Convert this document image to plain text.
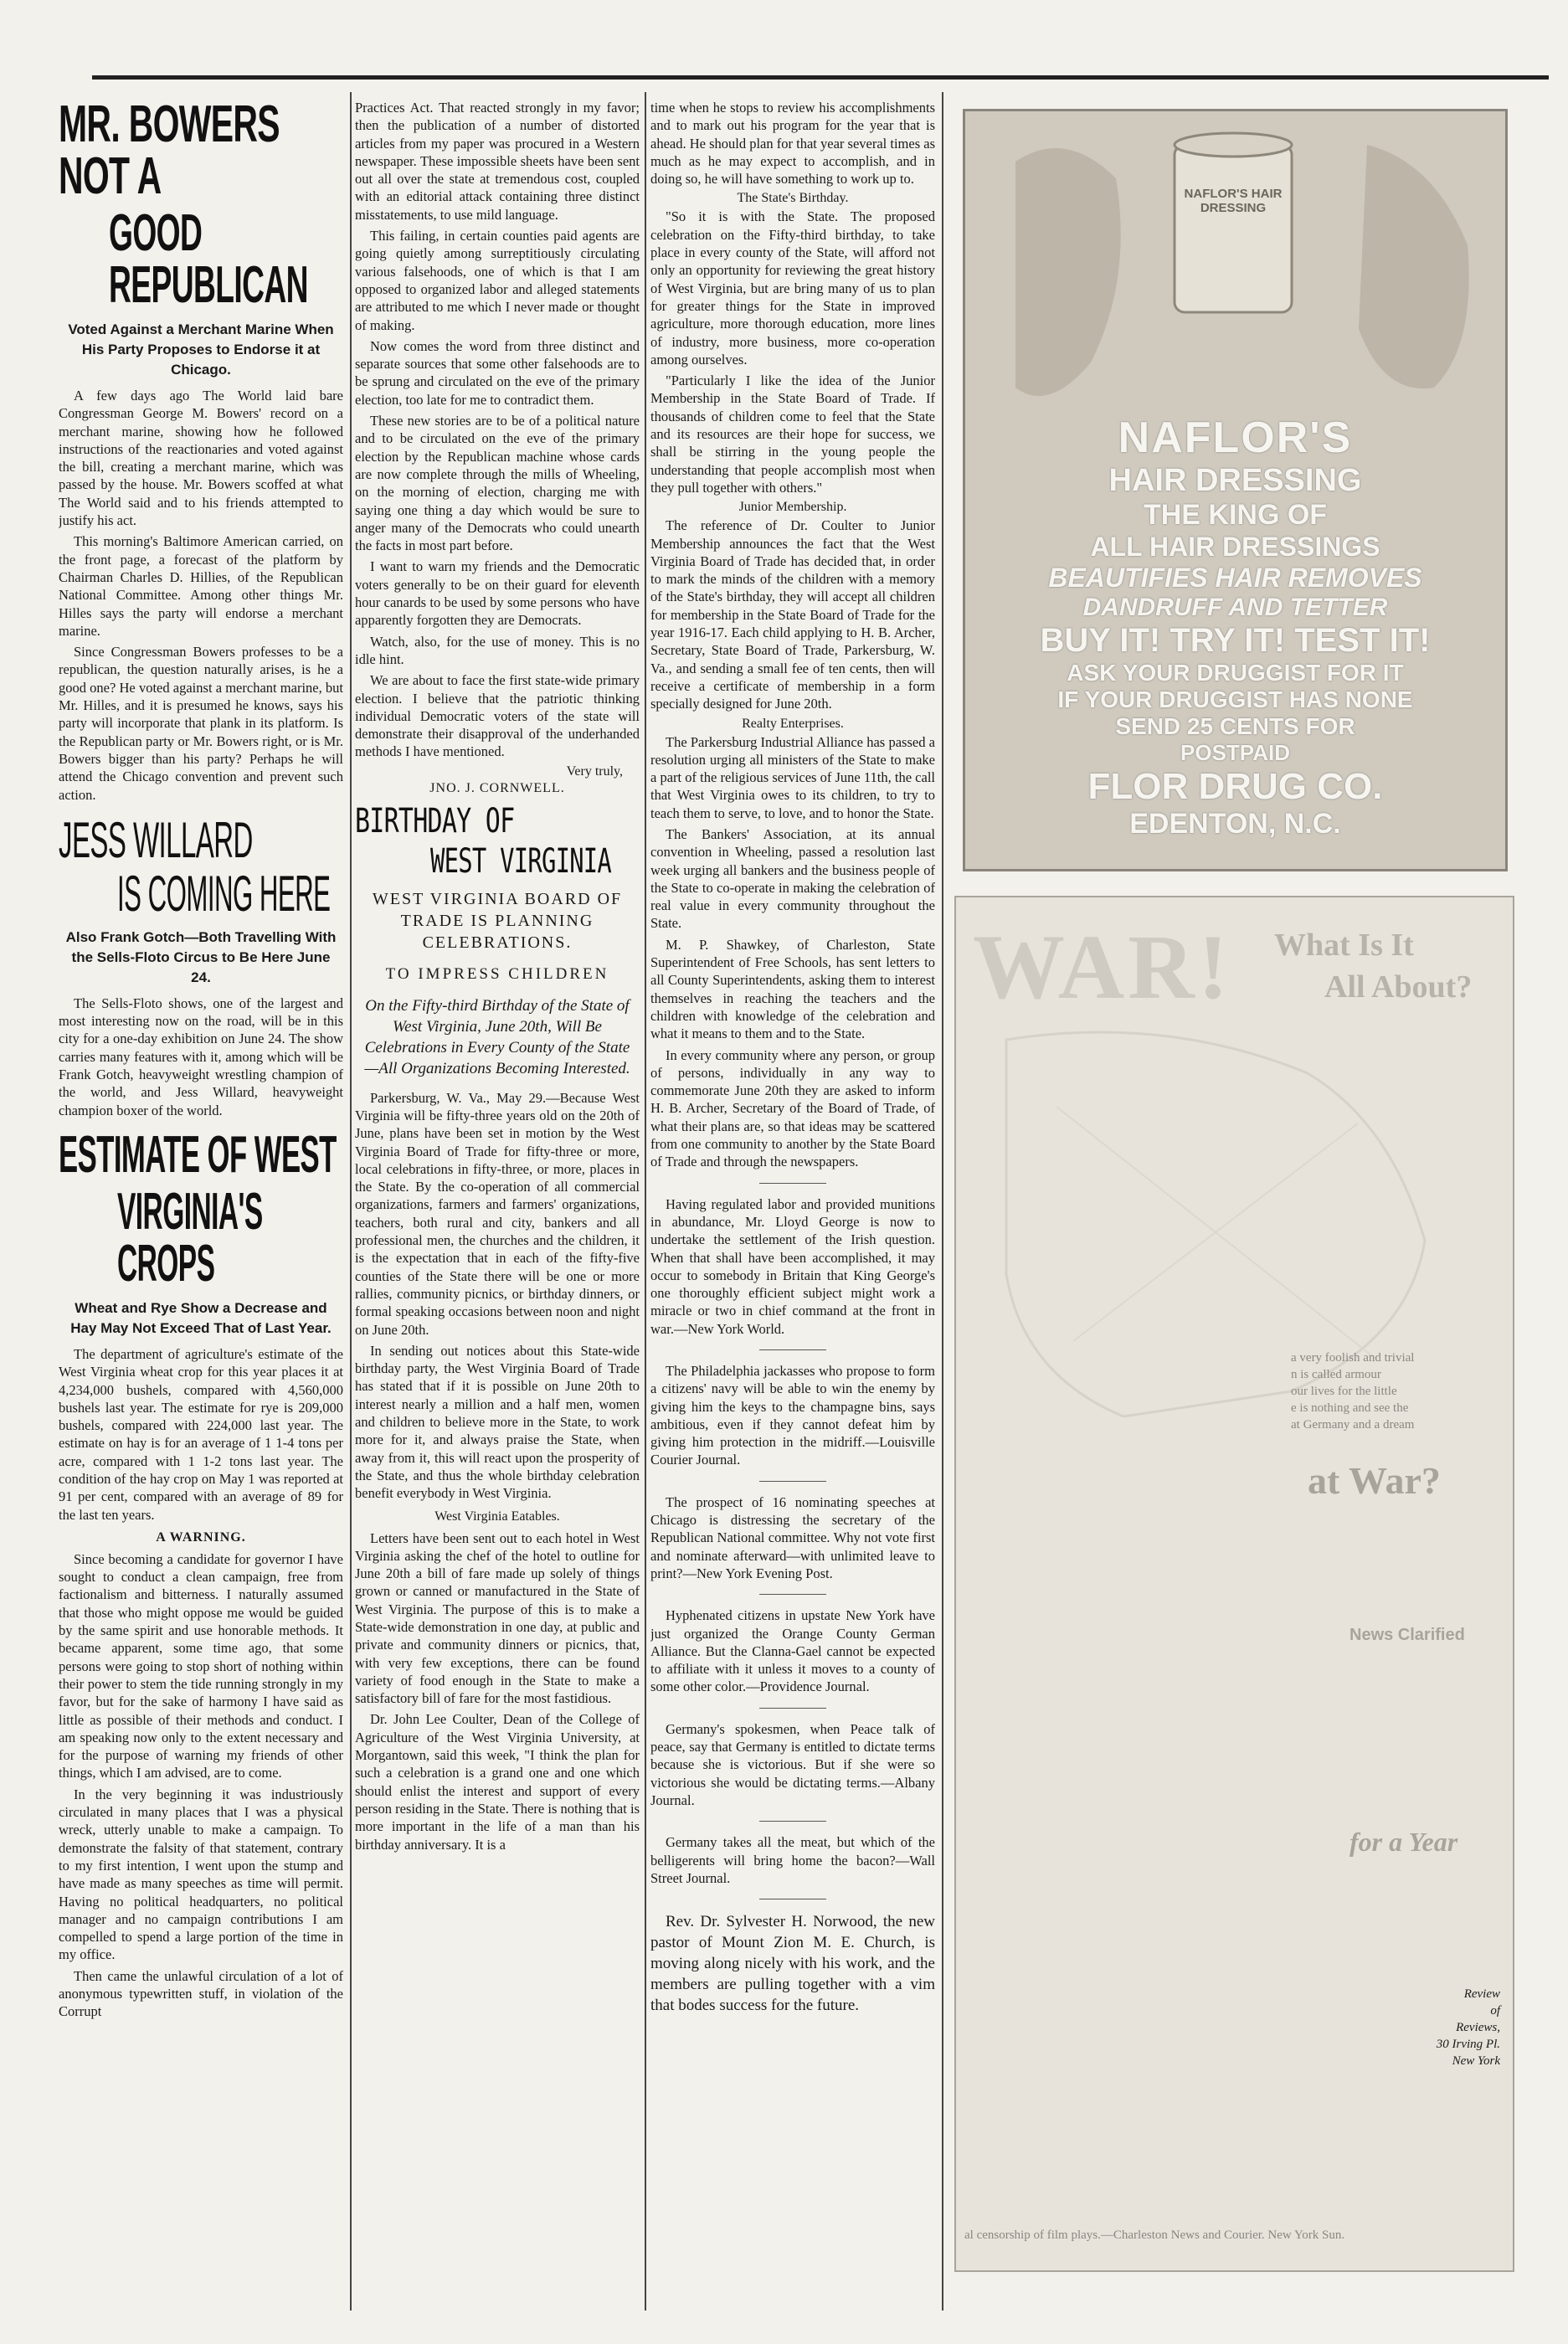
MR. BOWERS NOT A
GOOD REPUBLICAN
Voted Against a Merchant Marine When His Party Proposes to Endorse it at Chicago.

A few days ago The World laid bare Congressman George M. Bowers' record on a merchant marine, showing how he followed instructions of the reactionaries and voted against the bill, creating a merchant marine, which was passed by the house. Mr. Bowers scoffed at what The World said and to his friends attempted to justify his act.

This morning's Baltimore American carried, on the front page, a forecast of the platform by Chairman Charles D. Hillies, of the Republican National Committee. Among other things Mr. Hilles says the party will endorse a merchant marine.

Since Congressman Bowers professes to be a republican, the question naturally arises, is he a good one? He voted against a merchant marine, but Mr. Hilles, and it is presumed he knows, says his party will incorporate that plank in its platform. Is the Republican party or Mr. Bowers right, or is Mr. Bowers bigger than his party? Perhaps he will attend the Chicago convention and prevent such action.

JESS WILLARD
IS COMING HERE
Also Frank Gotch—Both Travelling With the Sells-Floto Circus to Be Here June 24.

The Sells-Floto shows, one of the largest and most interesting now on the road, will be in this city for a one-day exhibition on June 24. The show carries many features with it, among which will be Frank Gotch, heavyweight wrestling champion of the world, and Jess Willard, heavyweight champion boxer of the world.

ESTIMATE OF WEST
VIRGINIA'S CROPS
Wheat and Rye Show a Decrease and Hay May Not Exceed That of Last Year.

The department of agriculture's estimate of the West Virginia wheat crop for this year places it at 4,234,000 bushels, compared with 4,560,000 bushels last year. The estimate for rye is 209,000 bushels, compared with 224,000 last year. The estimate on hay is for an average of 1 1-4 tons per acre, compared with 1 1-2 tons last year. The condition of the hay crop on May 1 was reported at 91 per cent, compared with an average of 89 for the last ten years.

A WARNING.

Since becoming a candidate for governor I have sought to conduct a clean campaign, free from factionalism and bitterness. I naturally assumed that those who might oppose me would be guided by the same spirit and use honorable methods. It became apparent, some time ago, that some persons were going to stop short of nothing within their power to stem the tide running strongly in my favor, but for the sake of harmony I have said as little as possible of their methods and conduct. I am speaking now only to the extent necessary and for the purpose of warning my friends of other things, which I am advised, are to come.

In the very beginning it was industriously circulated in many places that I was a physical wreck, utterly unable to make a campaign. To demonstrate the falsity of that statement, contrary to my first intention, I went upon the stump and have made as many speeches as time will permit. Having no political headquarters, no political manager and no campaign contributions I am compelled to spend a large portion of the time in my office.

Then came the unlawful circulation of a lot of anonymous typewritten stuff, in violation of the Corrupt

Practices Act. That reacted strongly in my favor; then the publication of a number of distorted articles from my paper was procured in a Western newspaper. These impossible sheets have been sent out all over the state at tremendous cost, coupled with an editorial attack containing three distinct misstatements, to use mild language.

This failing, in certain counties paid agents are going quietly among surreptitiously circulating various falsehoods, one of which is that I am opposed to organized labor and alleged statements are attributed to me which I never made or thought of making.

Now comes the word from three distinct and separate sources that some other falsehoods are to be sprung and circulated on the eve of the primary election, too late for me to contradict them.

These new stories are to be of a political nature and to be circulated on the eve of the primary election by the Republican machine whose cards are now complete through the mills of Wheeling, on the morning of election, charging me with saying one thing a day which would be sure to anger many of the Democrats who could unearth the facts in most part before.

I want to warn my friends and the Democratic voters generally to be on their guard for eleventh hour canards to be used by some persons who have apparently forgotten they are Democrats.

Watch, also, for the use of money. This is no idle hint.

We are about to face the first state-wide primary election. I believe that the patriotic thinking individual Democratic voters of the state will demonstrate their disapproval of the underhanded methods I have mentioned.

Very truly,
JNO. J. CORNWELL.
BIRTHDAY OF
WEST VIRGINIA
WEST VIRGINIA BOARD OF TRADE IS PLANNING CELEBRATIONS.
TO IMPRESS CHILDREN
On the Fifty-third Birthday of the State of West Virginia, June 20th, Will Be Celebrations in Every County of the State—All Organizations Becoming Interested.

Parkersburg, W. Va., May 29.—Because West Virginia will be fifty-three years old on the 20th of June, plans have been set in motion by the West Virginia Board of Trade for fifty-three or more, local celebrations in fifty-three, or more, places in the State. By the co-operation of all commercial organizations, farmers and farmers' organizations, teachers, both rural and city, bankers and all professional men, the churches and the children, it is the expectation that in each of the fifty-five counties of the State there will be one or more rallies, community picnics, or birthday dinners, or formal speaking occasions between noon and night on June 20th.

In sending out notices about this State-wide birthday party, the West Virginia Board of Trade has stated that if it is possible on June 20th to interest nearly a million and a half men, women and children to believe more in the State, to work more for it, and always praise the State, when away from it, this will react upon the prosperity of the State, and thus the whole birthday celebration benefit everybody in West Virginia.

West Virginia Eatables.

Letters have been sent out to each hotel in West Virginia asking the chef of the hotel to outline for June 20th a bill of fare made up solely of things grown or canned or manufactured in the State of West Virginia. The purpose of this is to make a State-wide demonstration in one day, at public and private and community dinners or picnics, that, with very few exceptions, there can be found variety of food enough in the State to make a satisfactory bill of fare for the most fastidious.

Dr. John Lee Coulter, Dean of the College of Agriculture of the West Virginia University, at Morgantown, said this week, "I think the plan for such a celebration is a grand one and one which should enlist the interest and support of every person residing in the State. There is nothing that is more important in the life of a man than his birthday anniversary. It is a

time when he stops to review his accomplishments and to mark out his program for the year that is ahead. He should plan for that year several times as much as he may expect to accomplish, and in doing so, he will have something to work up to.

The State's Birthday.

"So it is with the State. The proposed celebration on the Fifty-third birthday, to take place in every county of the State, will afford not only an opportunity for reviewing the great history of West Virginia, but are bring many of us to plan for greater things for the State in improved agriculture, more thorough education, more lines of industry, more business, more co-operation among ourselves.

"Particularly I like the idea of the Junior Membership in the State Board of Trade. If thousands of children come to feel that the State and its resources are their hope for success, we shall be stirring in the young people the understanding that people accomplish most when they pull together with others."

Junior Membership.

The reference of Dr. Coulter to Junior Membership announces the fact that the West Virginia Board of Trade has decided that, in order to mark the minds of the children with a memory of the State's birthday, they will accept all children for membership in the State Board of Trade for the year 1916-17. Each child applying to H. B. Archer, Secretary, State Board of Trade, Parkersburg, W. Va., and sending a small fee of ten cents, then will receive a certificate of membership in a form specially designed for June 20th.

Realty Enterprises.

The Parkersburg Industrial Alliance has passed a resolution urging all ministers of the State to make a part of the religious services of June 11th, the call that West Virginia owes to its children, to try to teach them to serve, to love, and to honor the State.

The Bankers' Association, at its annual convention in Wheeling, passed a resolution last week urging all bankers and the business people of the State to co-operate in making the celebration of real value in every community throughout the State.

M. P. Shawkey, of Charleston, State Superintendent of Free Schools, has sent letters to all County Superintendents, asking them to interest themselves in reaching the teachers and the children with knowledge of the celebration and what it means to them and to the State.

In every community where any person, or group of persons, individually in any way to commemorate June 20th they are asked to inform H. B. Archer, Secretary of the Board of Trade, of what their plans are, so that ideas may be scattered from one community to another by the State Board of Trade and through the newspapers.

Having regulated labor and provided munitions in abundance, Mr. Lloyd George is now to undertake the settlement of the Irish question. When that shall have been accomplished, it may occur to somebody in Britain that King George's one thoroughly efficient subject might work a miracle or two in chief command at the front in war.—New York World.

The Philadelphia jackasses who propose to form a citizens' navy will be able to win the enemy by giving him the keys to the champagne bins, says ambitious, even if they cannot defeat him by giving him protection in the midriff.—Louisville Courier Journal.

The prospect of 16 nominating speeches at Chicago is distressing the secretary of the Republican National committee. Why not vote first and nominate afterward—with unlimited leave to print?—New York Evening Post.

Hyphenated citizens in upstate New York have just organized the Orange County German Alliance. But the Clanna-Gael cannot be expected to affiliate with it unless it moves to a county of some other color.—Providence Journal.

Germany's spokesmen, when Peace talk of peace, say that Germany is entitled to dictate terms because she is victorious. But if she were so victorious she would be dictating terms.—Albany Journal.

Germany takes all the meat, but which of the belligerents will bring home the bacon?—Wall Street Journal.

Rev. Dr. Sylvester H. Norwood, the new pastor of Mount Zion M. E. Church, is moving along nicely with his work, and the members are pulling together with a vim that bodes success for the future.

NAFLOR'S HAIR DRESSING
NAFLOR'S
HAIR DRESSING
THE KING OF
ALL HAIR DRESSINGS
BEAUTIFIES HAIR REMOVES
DANDRUFF AND TETTER
BUY IT! TRY IT! TEST IT!
ASK YOUR DRUGGIST FOR IT
IF YOUR DRUGGIST HAS NONE
SEND 25 CENTS FOR
POSTPAID
FLOR DRUG CO.
EDENTON, N.C.
WAR! What Is It
All About?
a very foolish and trivial
n is called armour
our lives for the little
e is nothing and see the
at Germany and a dream
at War?
News Clarified
for a Year
Review
of
Reviews,
30 Irving Pl.
New York
al censorship of film plays.—Charleston News and Courier. New York Sun.
